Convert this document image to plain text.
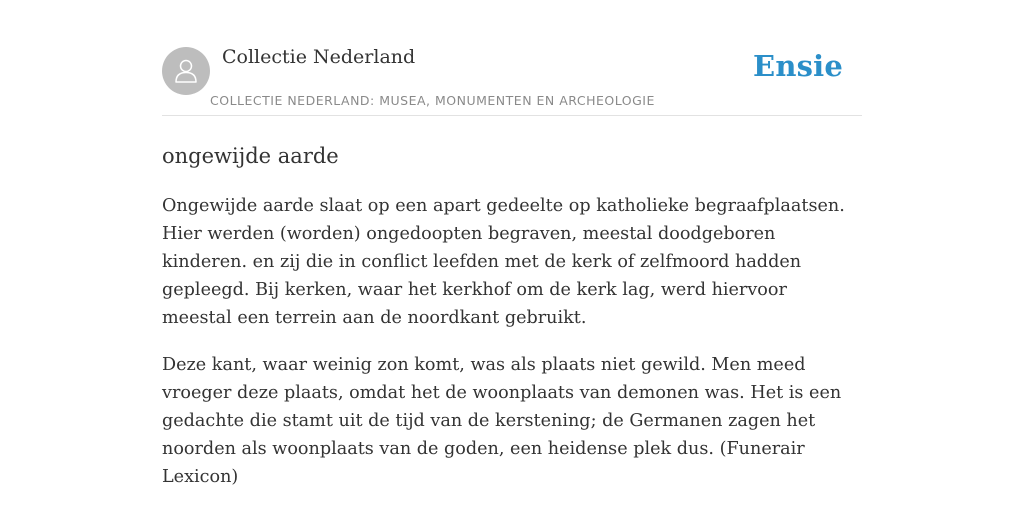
Collectie Nederland
COLLECTIE NEDERLAND: MUSEA, MONUMENTEN EN ARCHEOLOGIE
Ensie
ongewijde aarde

Ongewijde aarde slaat op een apart gedeelte op katholieke begraafplaatsen. Hier werden (worden) ongedoopten begraven, meestal doodgeboren kinderen. en zij die in conflict leefden met de kerk of zelfmoord hadden gepleegd. Bij kerken, waar het kerkhof om de kerk lag, werd hiervoor meestal een terrein aan de noordkant gebruikt.

Deze kant, waar weinig zon komt, was als plaats niet gewild. Men meed vroeger deze plaats, omdat het de woonplaats van demonen was. Het is een gedachte die stamt uit de tijd van de kerstening; de Germanen zagen het noorden als woonplaats van de goden, een heidense plek dus. (Funerair Lexicon)
